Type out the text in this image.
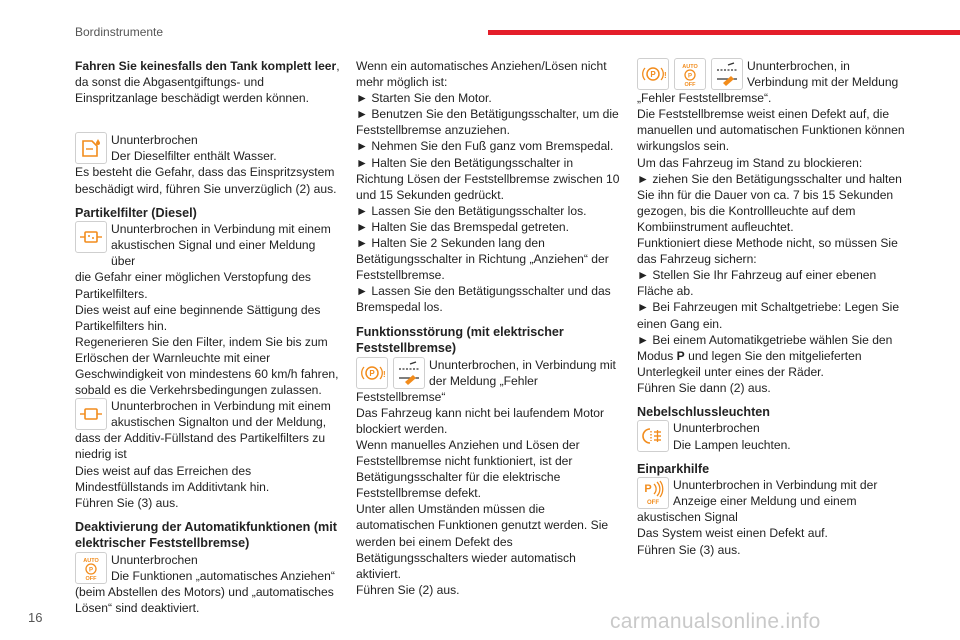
Bordinstrumente

Fahren Sie keinesfalls den Tank komplett leer, da sonst die Abgasentgiftungs- und Einspritzanlage beschädigt werden können.

Ununterbrochen

Der Dieselfilter enthält Wasser.

Es besteht die Gefahr, dass das Einspritzsystem beschädigt wird, führen Sie unverzüglich (2) aus.

Partikelfilter (Diesel)

Ununterbrochen in Verbindung mit einem

akustischen Signal und einer Meldung über

die Gefahr einer möglichen Verstopfung des Partikelfilters.

Dies weist auf eine beginnende Sättigung des Partikelfilters hin.

Regenerieren Sie den Filter, indem Sie bis zum Erlöschen der Warnleuchte mit einer Geschwindigkeit von mindestens 60 km/h fahren, sobald es die Verkehrsbedingungen zulassen.

Ununterbrochen in Verbindung mit einem

akustischen Signalton und der Meldung,

dass der Additiv-Füllstand des Partikelfilters zu niedrig ist

Dies weist auf das Erreichen des Mindestfüllstands im Additivtank hin.

Führen Sie (3) aus.

Deaktivierung der Automatikfunktionen (mit elektrischer Feststellbremse)

AUTO
P
OFF

Ununterbrochen

Die Funktionen „automatisches Anziehen“

(beim Abstellen des Motors) und „automatisches Lösen“ sind deaktiviert.

Wenn ein automatisches Anziehen/Lösen nicht mehr möglich ist:

► Starten Sie den Motor.

► Benutzen Sie den Betätigungsschalter, um die Feststellbremse anzuziehen.

► Nehmen Sie den Fuß ganz vom Bremspedal.

► Halten Sie den Betätigungsschalter in Richtung Lösen der Feststellbremse zwischen 10 und 15 Sekunden gedrückt.

► Lassen Sie den Betätigungsschalter los.

► Halten Sie das Bremspedal getreten.

► Halten Sie 2 Sekunden lang den Betätigungsschalter in Richtung „Anziehen“ der Feststellbremse.

► Lassen Sie den Betätigungsschalter und das Bremspedal los.

Funktionsstörung (mit elektrischer Feststellbremse)

P !

Ununterbrochen, in Verbindung mit

der Meldung „Fehler

Feststellbremse“

Das Fahrzeug kann nicht bei laufendem Motor blockiert werden.

Wenn manuelles Anziehen und Lösen der Feststellbremse nicht funktioniert, ist der Betätigungsschalter für die elektrische Feststellbremse defekt.

Unter allen Umständen müssen die automatischen Funktionen genutzt werden. Sie werden bei einem Defekt des Betätigungsschalters wieder automatisch aktiviert.

Führen Sie (2) aus.

P !
AUTO
P
OFF

Ununterbrochen, in

Verbindung mit der Meldung

„Fehler Feststellbremse“.

Die Feststellbremse weist einen Defekt auf, die manuellen und automatischen Funktionen können wirkungslos sein.

Um das Fahrzeug im Stand zu blockieren:

► ziehen Sie den Betätigungsschalter und halten Sie ihn für die Dauer von ca. 7 bis 15 Sekunden gezogen, bis die Kontrollleuchte auf dem Kombiinstrument aufleuchtet.

Funktioniert diese Methode nicht, so müssen Sie das Fahrzeug sichern:

► Stellen Sie Ihr Fahrzeug auf einer ebenen Fläche ab.

► Bei Fahrzeugen mit Schaltgetriebe: Legen Sie einen Gang ein.

► Bei einem Automatikgetriebe wählen Sie den Modus P und legen Sie den mitgelieferten Unterlegkeil unter eines der Räder.

Führen Sie dann (2) aus.

Nebelschlussleuchten

Ununterbrochen

Die Lampen leuchten.

Einparkhilfe

P
OFF

Ununterbrochen in Verbindung mit der

Anzeige einer Meldung und einem

akustischen Signal

Das System weist einen Defekt auf.

Führen Sie (3) aus.

16	carmanualsonline.info
